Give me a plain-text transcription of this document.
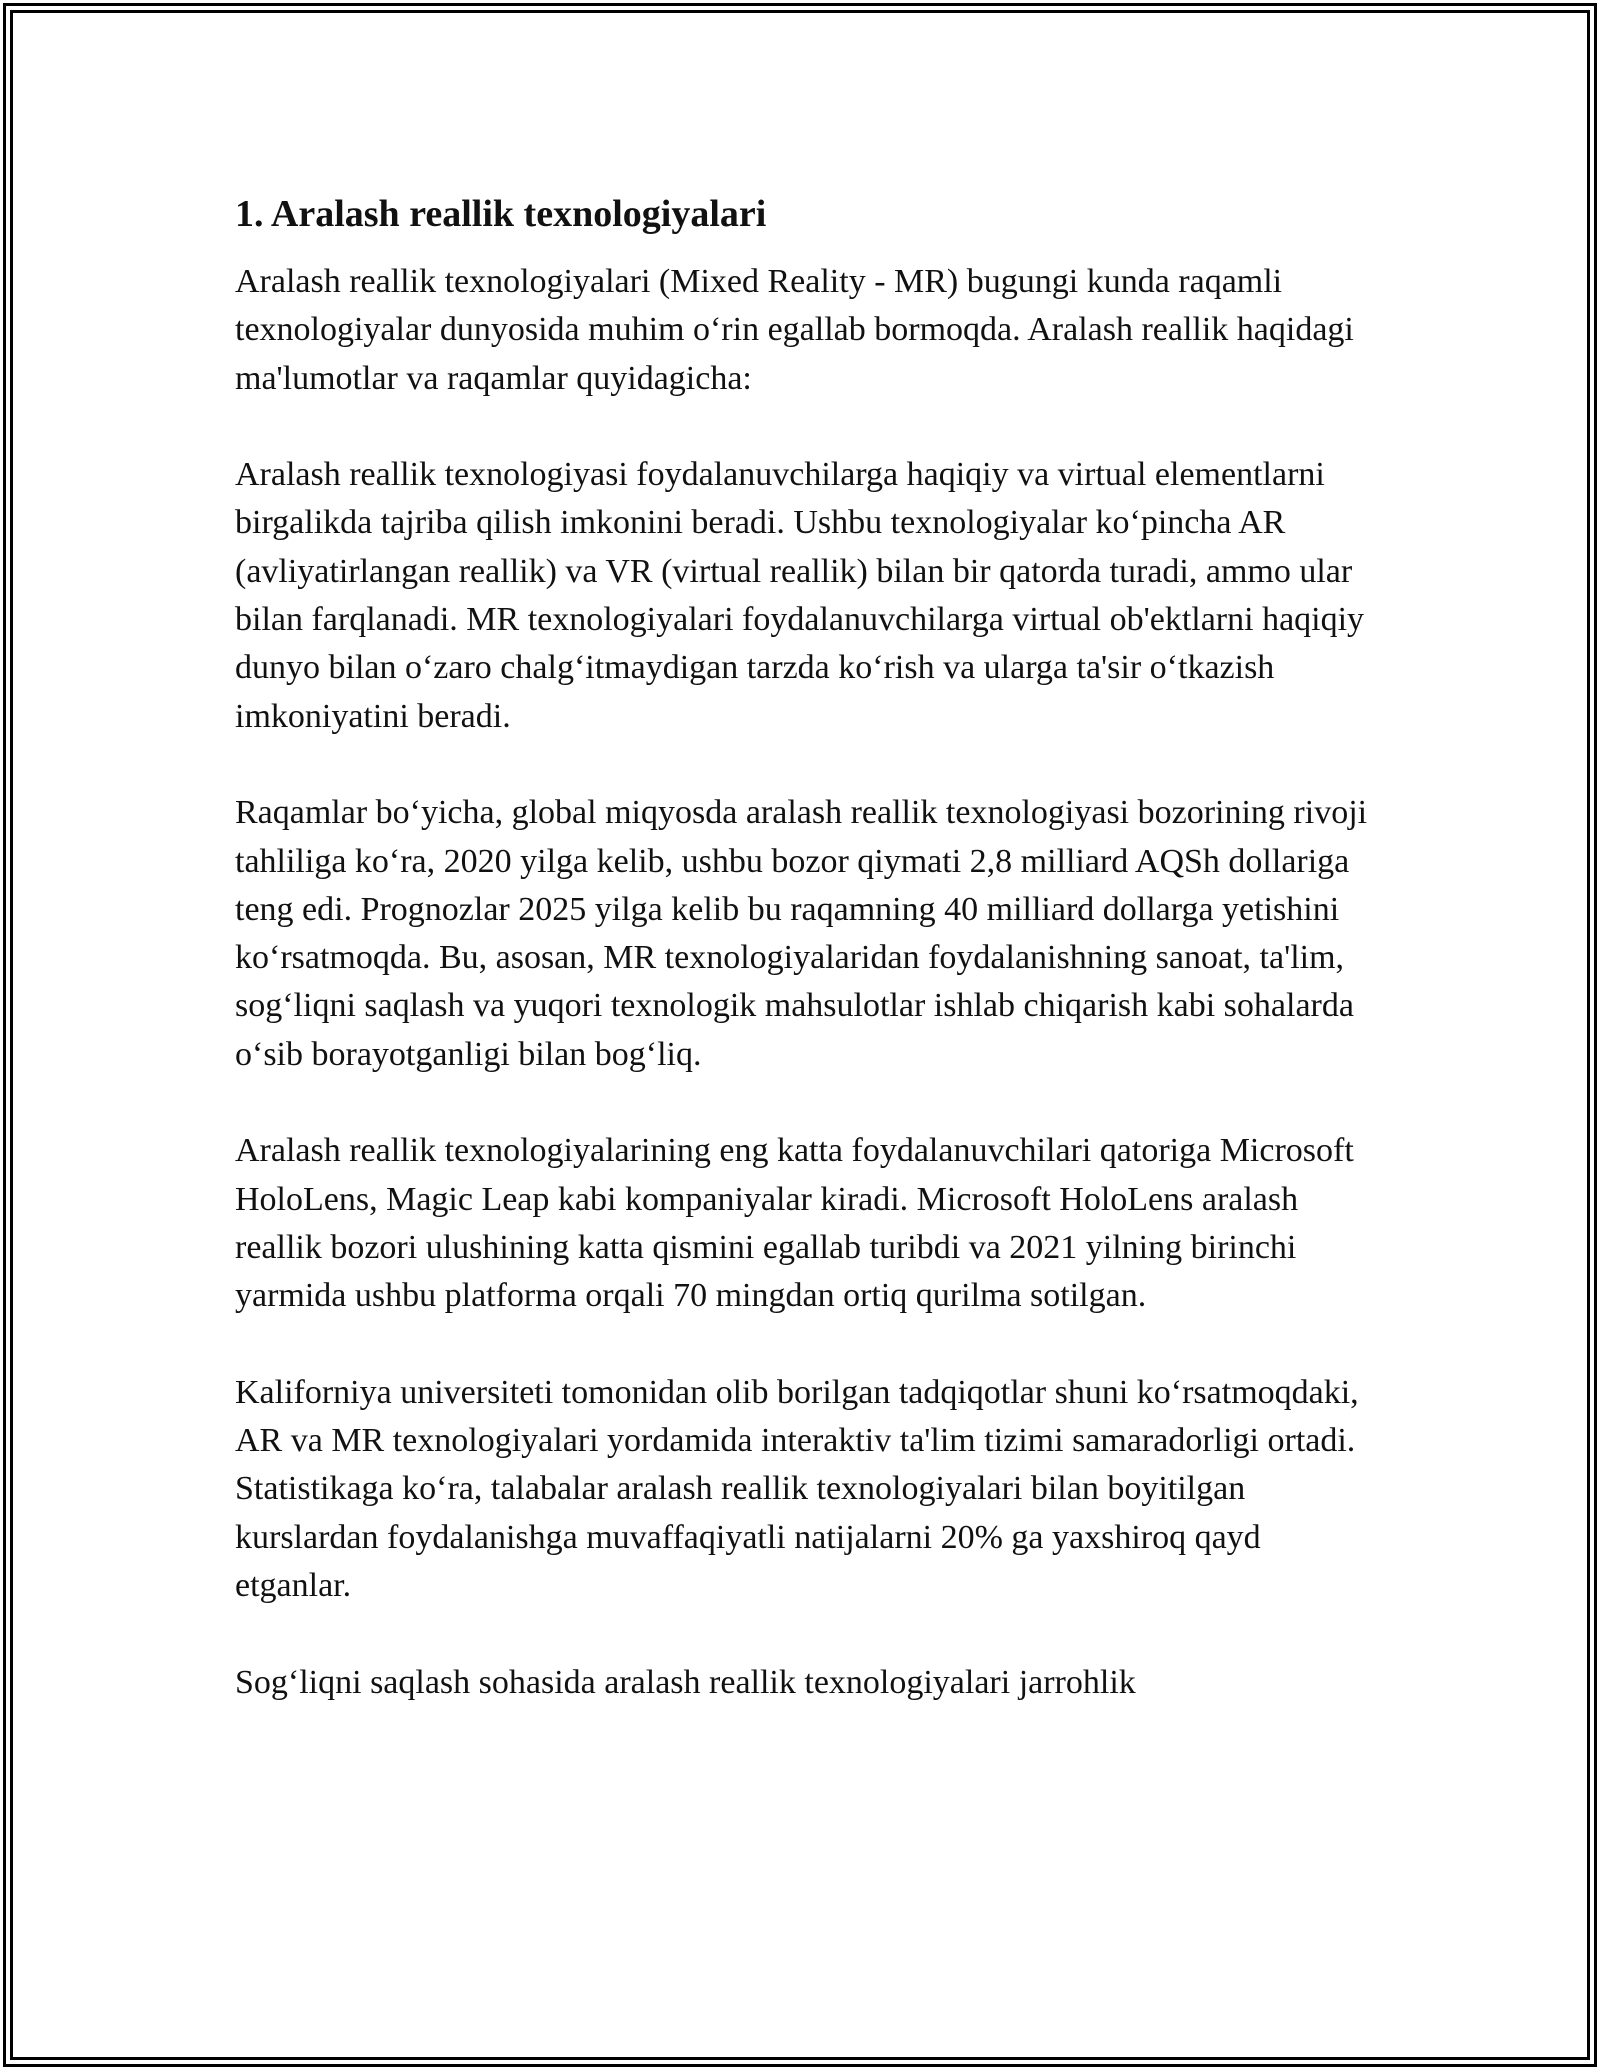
1. Aralash reallik texnologiyalari

Aralash reallik texnologiyalari (Mixed Reality - MR) bugungi kunda raqamli texnologiyalar dunyosida muhim o‘rin egallab bormoqda. Aralash reallik haqidagi ma'lumotlar va raqamlar quyidagicha:

Aralash reallik texnologiyasi foydalanuvchilarga haqiqiy va virtual elementlarni birgalikda tajriba qilish imkonini beradi. Ushbu texnologiyalar ko‘pincha AR (avliyatirlangan reallik) va VR (virtual reallik) bilan bir qatorda turadi, ammo ular bilan farqlanadi. MR texnologiyalari foydalanuvchilarga virtual ob'ektlarni haqiqiy dunyo bilan o‘zaro chalg‘itmaydigan tarzda ko‘rish va ularga ta'sir o‘tkazish imkoniyatini beradi.

Raqamlar bo‘yicha, global miqyosda aralash reallik texnologiyasi bozorining rivoji tahliliga ko‘ra, 2020 yilga kelib, ushbu bozor qiymati 2,8 milliard AQSh dollariga teng edi. Prognozlar 2025 yilga kelib bu raqamning 40 milliard dollarga yetishini ko‘rsatmoqda. Bu, asosan, MR texnologiyalaridan foydalanishning sanoat, ta'lim, sog‘liqni saqlash va yuqori texnologik mahsulotlar ishlab chiqarish kabi sohalarda o‘sib borayotganligi bilan bog‘liq.

Aralash reallik texnologiyalarining eng katta foydalanuvchilari qatoriga Microsoft HoloLens, Magic Leap kabi kompaniyalar kiradi. Microsoft HoloLens aralash reallik bozori ulushining katta qismini egallab turibdi va 2021 yilning birinchi yarmida ushbu platforma orqali 70 mingdan ortiq qurilma sotilgan.

Kaliforniya universiteti tomonidan olib borilgan tadqiqotlar shuni ko‘rsatmoqdaki, AR va MR texnologiyalari yordamida interaktiv ta'lim tizimi samaradorligi ortadi. Statistikaga ko‘ra, talabalar aralash reallik texnologiyalari bilan boyitilgan kurslardan foydalanishga muvaffaqiyatli natijalarni 20% ga yaxshiroq qayd etganlar.

Sog‘liqni saqlash sohasida aralash reallik texnologiyalari jarrohlik
